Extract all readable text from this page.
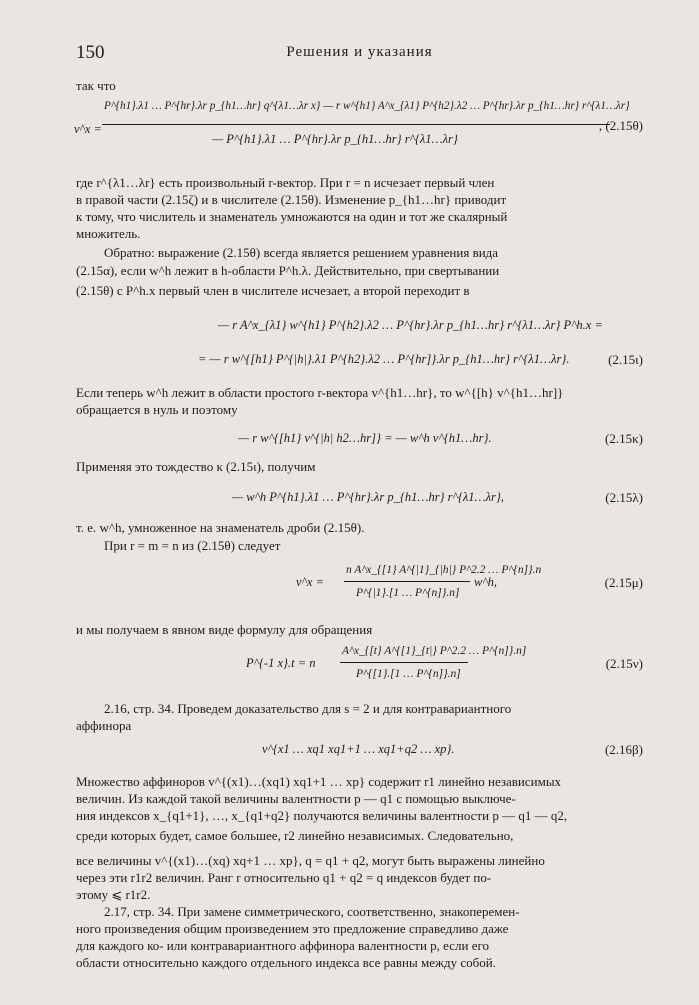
150	Решения и указания
так что
v^x =
P^{h1}.λ1 … P^{hr}.λr p_{h1…hr} q^{λ1…λr x} — r w^{h1} A^x_{λ1} P^{h2}.λ2 … P^{hr}.λr p_{h1…hr} r^{λ1…λr}
— P^{h1}.λ1 … P^{hr}.λr p_{h1…hr} r^{λ1…λr}
, (2.15θ)
где r^{λ1…λr} есть произвольный r-вектор. При r = n исчезает первый член
в правой части (2.15ζ) и в числителе (2.15θ). Изменение p_{h1…hr} приводит
к тому, что числитель и знаменатель умножаются на один и тот же скалярный
множитель.
Обратно: выражение (2.15θ) всегда является решением уравнения вида
(2.15α), если w^h лежит в h-области P^h.λ. Действительно, при свертывании
(2.15θ) с P^h.x первый член в числителе исчезает, а второй переходит в
— r A^x_{λ1} w^{h1} P^{h2}.λ2 … P^{hr}.λr p_{h1…hr} r^{λ1…λr} P^h.x =
= — r w^{[h1} P^{|h|}.λ1 P^{h2}.λ2 … P^{hr]}.λr p_{h1…hr} r^{λ1…λr}.	(2.15ι)
Если теперь w^h лежит в области простого r-вектора v^{h1…hr}, то w^{[h} v^{h1…hr]}
обращается в нуль и поэтому
— r w^{[h1} v^{|h| h2…hr]} = — w^h v^{h1…hr}.	(2.15κ)
Применяя это тождество к (2.15ι), получим
— w^h P^{h1}.λ1 … P^{hr}.λr p_{h1…hr} r^{λ1…λr},	(2.15λ)
т. е. w^h, умноженное на знаменатель дроби (2.15θ).
При r = m = n из (2.15θ) следует
v^x =
n A^x_{[1} A^{|1}_{|h|} P^2.2 … P^{n]}.n
P^{|1}.[1 … P^{n]}.n]
w^h,	(2.15μ)
и мы получаем в явном виде формулу для обращения
P^{-1 x}.t = n
A^x_{[t} A^{[1}_{t|} P^2.2 … P^{n]}.n]
P^{[1}.[1 … P^{n]}.n]
(2.15ν)
2.16, стр. 34. Проведем доказательство для s = 2 и для контравариантного
аффинора
v^{x1 … xq1 xq1+1 … xq1+q2 … xp}.	(2.16β)
Множество аффиноров v^{(x1)…(xq1) xq1+1 … xp} содержит r1 линейно независимых
величин. Из каждой такой величины валентности p — q1 с помощью выключе-
ния индексов x_{q1+1}, …, x_{q1+q2} получаются величины валентности p — q1 — q2,
среди которых будет, самое большее, r2 линейно независимых. Следовательно,
все величины v^{(x1)…(xq) xq+1 … xp}, q = q1 + q2, могут быть выражены линейно
через эти r1r2 величин. Ранг r относительно q1 + q2 = q индексов будет по-
этому ⩽ r1r2.
2.17, стр. 34. При замене симметрического, соответственно, знакоперемен-
ного произведения общим произведением это предложение справедливо даже
для каждого ко- или контравариантного аффинора валентности p, если его
области относительно каждого отдельного индекса все равны между собой.
